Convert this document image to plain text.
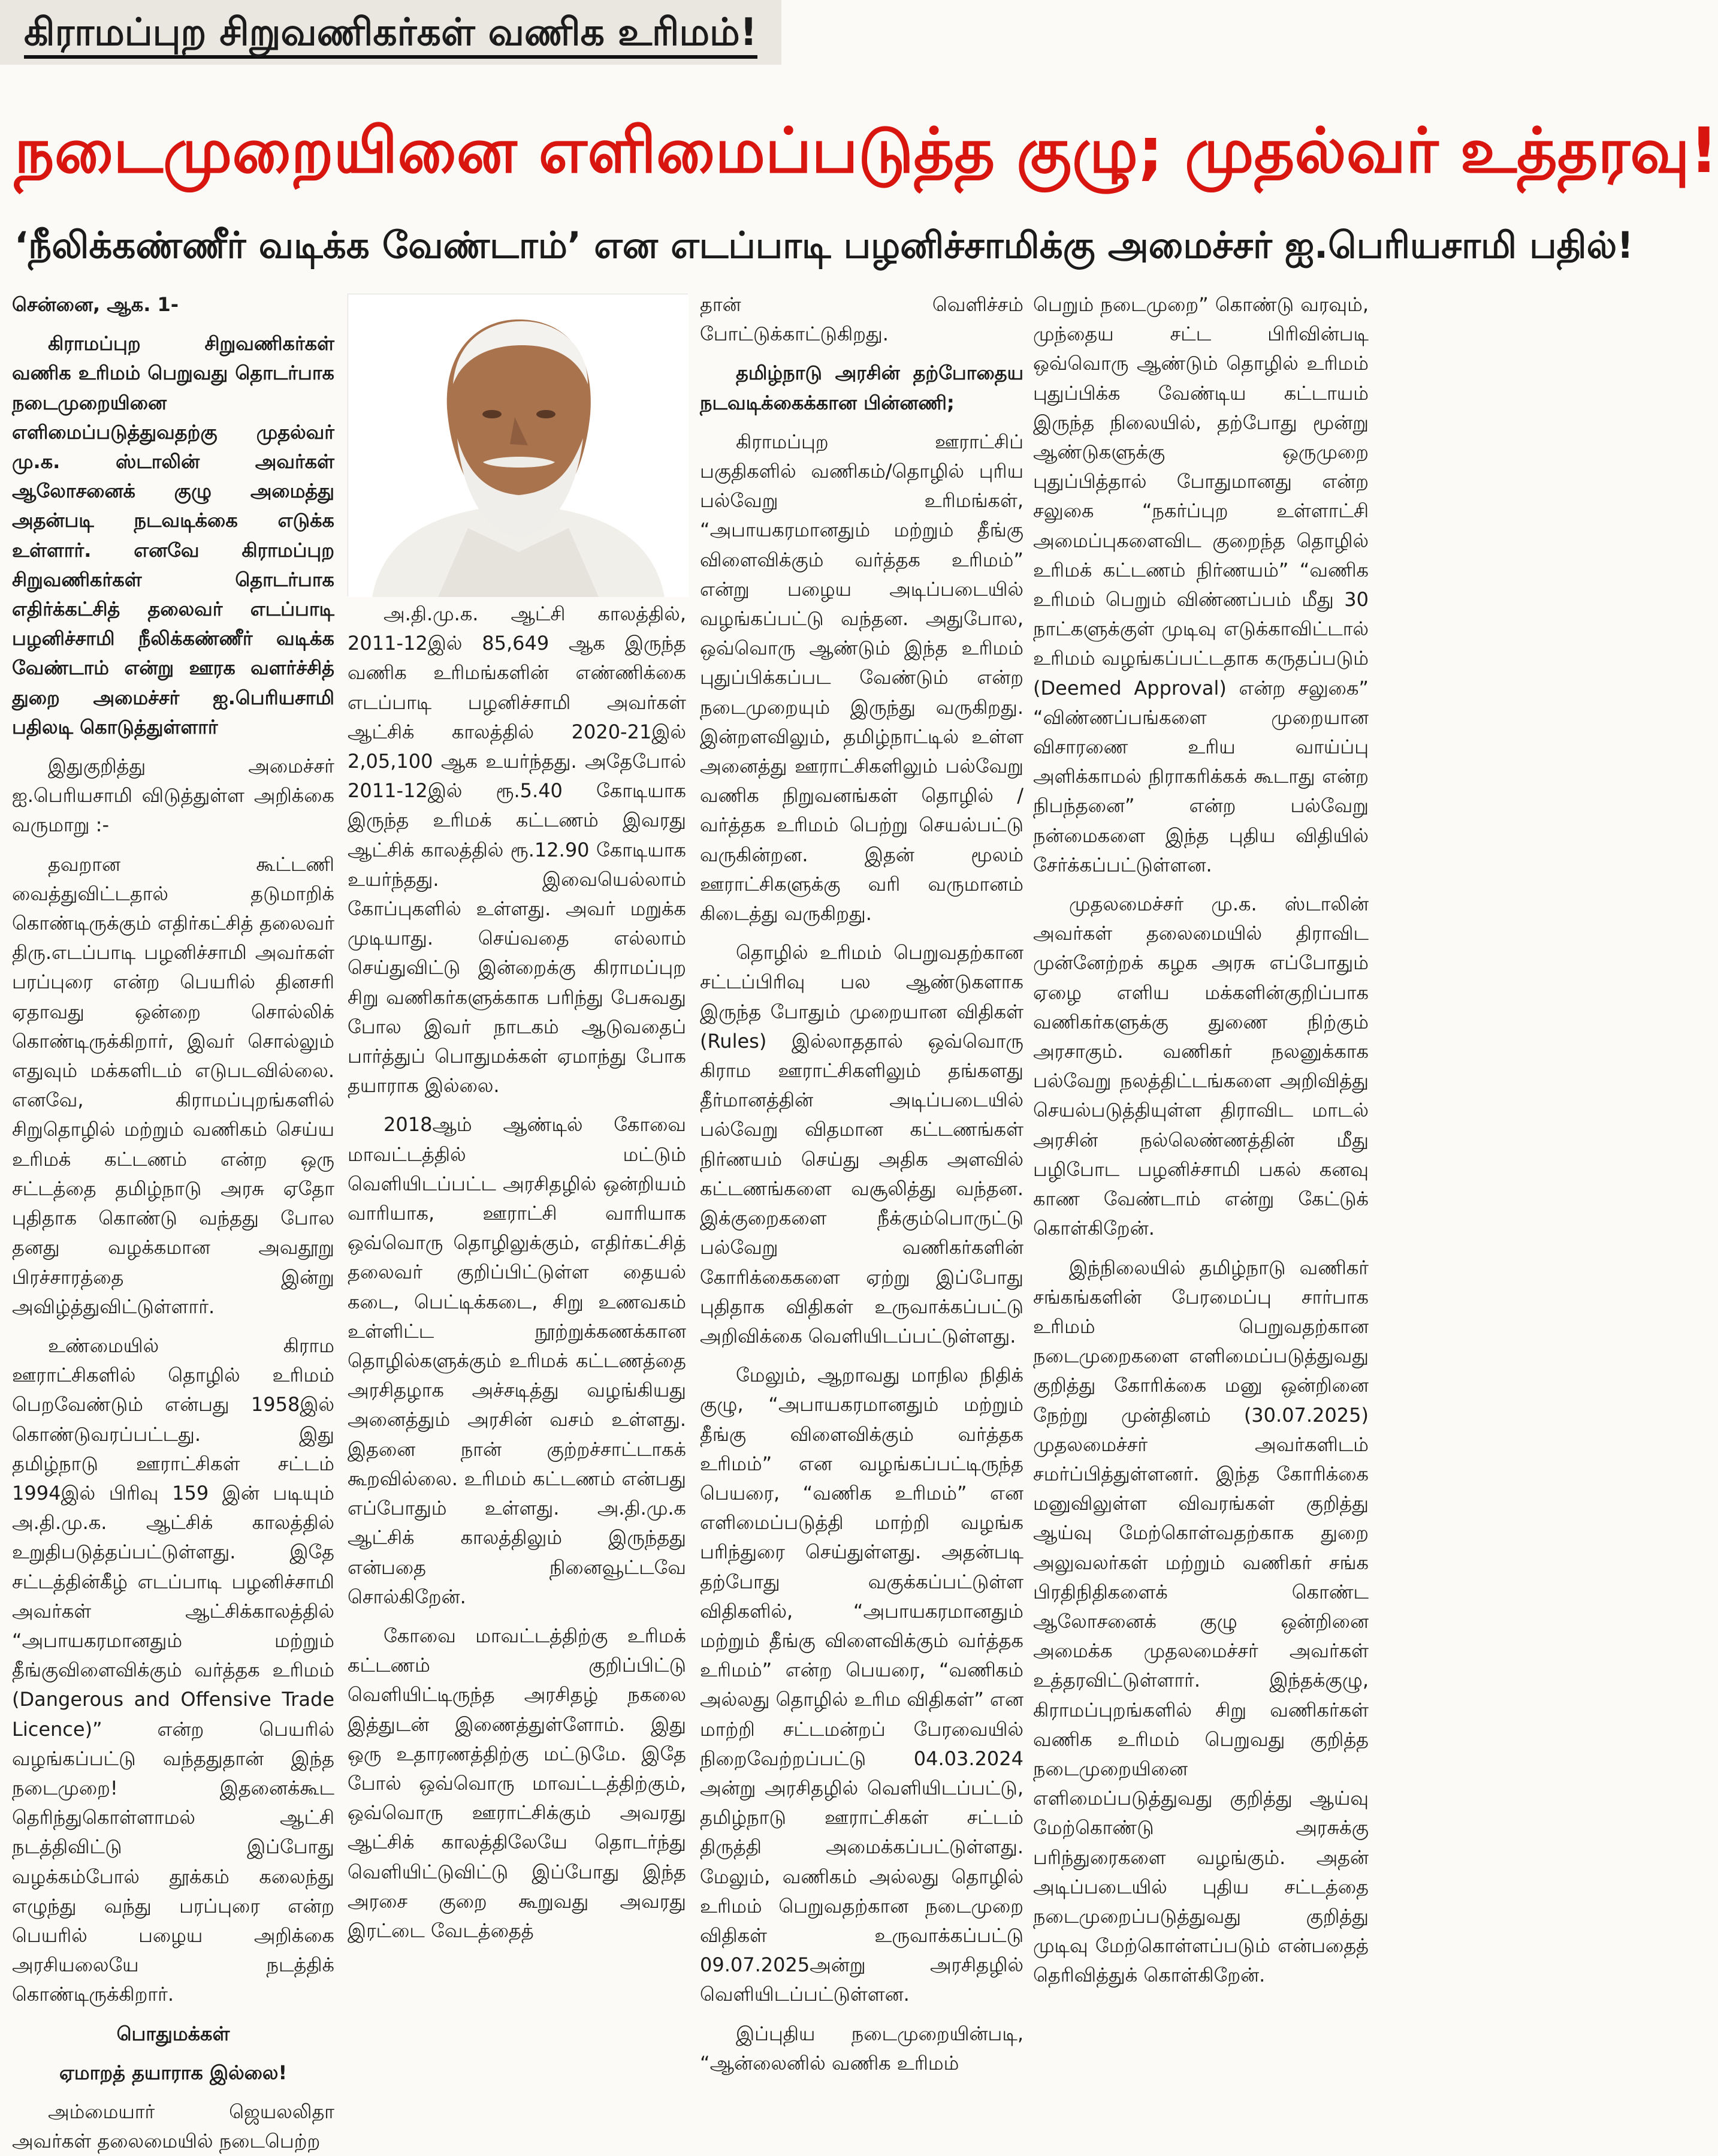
கிராமப்புற சிறுவணிகர்கள் வணிக உரிமம்!
நடைமுறையினை எளிமைப்படுத்த குழு; முதல்வர் உத்தரவு!
‘நீலிக்கண்ணீர் வடிக்க வேண்டாம்’ என எடப்பாடி பழனிச்சாமிக்கு அமைச்சர் ஐ.பெரியசாமி பதில்!

சென்னை, ஆக. 1-

கிராமப்புற சிறுவணிகர்கள் வணிக உரிமம் பெறுவது தொடர்பாக நடைமுறையினை எளிமைப்படுத்துவதற்கு முதல்வர் மு.க. ஸ்டாலின் அவர்கள் ஆலோசனைக் குழு அமைத்து அதன்படி நடவடிக்கை எடுக்க உள்ளார். எனவே கிராமப்புற சிறுவணிகர்கள் தொடர்பாக எதிர்க்கட்சித் தலைவர் எடப்பாடி பழனிச்சாமி நீலிக்கண்ணீர் வடிக்க வேண்டாம் என்று ஊரக வளர்ச்சித் துறை அமைச்சர் ஐ.பெரியசாமி பதிலடி கொடுத்துள்ளார்

இதுகுறித்து அமைச்சர் ஐ.பெரியசாமி விடுத்துள்ள அறிக்கை வருமாறு :-

தவறான கூட்டணி வைத்துவிட்டதால் தடுமாறிக் கொண்டிருக்கும் எதிர்கட்சித் தலைவர் திரு.எடப்பாடி பழனிச்சாமி அவர்கள் பரப்புரை என்ற பெயரில் தினசரி ஏதாவது ஒன்றை சொல்லிக் கொண்டிருக்கிறார், இவர் சொல்லும் எதுவும் மக்களிடம் எடுபடவில்லை. எனவே, கிராமப்புறங்களில் சிறுதொழில் மற்றும் வணிகம் செய்ய உரிமக் கட்டணம் என்ற ஒரு சட்டத்தை தமிழ்நாடு அரசு ஏதோ புதிதாக கொண்டு வந்தது போல தனது வழக்கமான அவதூறு பிரச்சாரத்தை இன்று அவிழ்த்துவிட்டுள்ளார்.

உண்மையில் கிராம ஊராட்சிகளில் தொழில் உரிமம் பெறவேண்டும் என்பது 1958இல் கொண்டுவரப்பட்டது. இது தமிழ்நாடு ஊராட்சிகள் சட்டம் 1994இல் பிரிவு 159 இன் படியும் அ.தி.மு.க. ஆட்சிக் காலத்தில் உறுதிபடுத்தப்பட்டுள்ளது. இதே சட்டத்தின்கீழ் எடப்பாடி பழனிச்சாமி அவர்கள் ஆட்சிக்காலத்தில் “அபாயகரமானதும் மற்றும் தீங்குவிளைவிக்கும் வர்த்தக உரிமம் (Dangerous and Offensive Trade Licence)” என்ற பெயரில் வழங்கப்பட்டு வந்ததுதான் இந்த நடைமுறை! இதனைக்கூட தெரிந்துகொள்ளாமல் ஆட்சி நடத்திவிட்டு இப்போது வழக்கம்போல் தூக்கம் கலைந்து எழுந்து வந்து பரப்புரை என்ற பெயரில் பழைய அறிக்கை அரசியலையே நடத்திக் கொண்டிருக்கிறார்.

பொதுமக்கள்

ஏமாறத் தயாராக இல்லை!

அம்மையார் ஜெயலலிதா அவர்கள் தலைமையில் நடைபெற்ற

அ.தி.மு.க. ஆட்சி காலத்தில், 2011-12இல் 85,649 ஆக இருந்த வணிக உரிமங்களின் எண்ணிக்கை எடப்பாடி பழனிச்சாமி அவர்கள் ஆட்சிக் காலத்தில் 2020-21இல் 2,05,100 ஆக உயர்ந்தது. அதேபோல் 2011-12இல் ரூ.5.40 கோடியாக இருந்த உரிமக் கட்டணம் இவரது ஆட்சிக் காலத்தில் ரூ.12.90 கோடியாக உயர்ந்தது. இவையெல்லாம் கோப்புகளில் உள்ளது. அவர் மறுக்க முடியாது. செய்வதை எல்லாம் செய்துவிட்டு இன்றைக்கு கிராமப்புற சிறு வணிகர்களுக்காக பரிந்து பேசுவது போல இவர் நாடகம் ஆடுவதைப் பார்த்துப் பொதுமக்கள் ஏமாந்து போக தயாராக இல்லை.

2018ஆம் ஆண்டில் கோவை மாவட்டத்தில் மட்டும் வெளியிடப்பட்ட அரசிதழில் ஒன்றியம் வாரியாக, ஊராட்சி வாரியாக ஒவ்வொரு தொழிலுக்கும், எதிர்கட்சித் தலைவர் குறிப்பிட்டுள்ள தையல் கடை, பெட்டிக்கடை, சிறு உணவகம் உள்ளிட்ட நூற்றுக்கணக்கான தொழில்களுக்கும் உரிமக் கட்டணத்தை அரசிதழாக அச்சடித்து வழங்கியது அனைத்தும் அரசின் வசம் உள்ளது. இதனை நான் குற்றச்சாட்டாகக் கூறவில்லை. உரிமம் கட்டணம் என்பது எப்போதும் உள்ளது. அ.தி.மு.க ஆட்சிக் காலத்திலும் இருந்தது என்பதை நினைவூட்டவே சொல்கிறேன்.

கோவை மாவட்டத்திற்கு உரிமக் கட்டணம் குறிப்பிட்டு வெளியிட்டிருந்த அரசிதழ் நகலை இத்துடன் இணைத்துள்ளோம். இது ஒரு உதாரணத்திற்கு மட்டுமே. இதே போல் ஒவ்வொரு மாவட்டத்திற்கும், ஒவ்வொரு ஊராட்சிக்கும் அவரது ஆட்சிக் காலத்திலேயே தொடர்ந்து வெளியிட்டுவிட்டு இப்போது இந்த அரசை குறை கூறுவது அவரது இரட்டை வேடத்தைத்

தான் வெளிச்சம் போட்டுக்காட்டுகிறது.

தமிழ்நாடு அரசின் தற்போதைய நடவடிக்கைக்கான பின்னணி;

கிராமப்புற ஊராட்சிப் பகுதிகளில் வணிகம்/தொழில் புரிய பல்வேறு உரிமங்கள், “அபாயகரமானதும் மற்றும் தீங்கு விளைவிக்கும் வர்த்தக உரிமம்” என்று பழைய அடிப்படையில் வழங்கப்பட்டு வந்தன. அதுபோல, ஒவ்வொரு ஆண்டும் இந்த உரிமம் புதுப்பிக்கப்பட வேண்டும் என்ற நடைமுறையும் இருந்து வருகிறது. இன்றளவிலும், தமிழ்நாட்டில் உள்ள அனைத்து ஊராட்சிகளிலும் பல்வேறு வணிக நிறுவனங்கள் தொழில் / வர்த்தக உரிமம் பெற்று செயல்பட்டு வருகின்றன. இதன் மூலம் ஊராட்சிகளுக்கு வரி வருமானம் கிடைத்து வருகிறது.

தொழில் உரிமம் பெறுவதற்கான சட்டப்பிரிவு பல ஆண்டுகளாக இருந்த போதும் முறையான விதிகள் (Rules) இல்லாததால் ஒவ்வொரு கிராம ஊராட்சிகளிலும் தங்களது தீர்மானத்தின் அடிப்படையில் பல்வேறு விதமான கட்டணங்கள் நிர்ணயம் செய்து அதிக அளவில் கட்டணங்களை வசூலித்து வந்தன. இக்குறைகளை நீக்கும்பொருட்டு பல்வேறு வணிகர்களின் கோரிக்கைகளை ஏற்று இப்போது புதிதாக விதிகள் உருவாக்கப்பட்டு அறிவிக்கை வெளியிடப்பட்டுள்ளது.

மேலும், ஆறாவது மாநில நிதிக் குழு, “அபாயகரமானதும் மற்றும் தீங்கு விளைவிக்கும் வர்த்தக உரிமம்” என வழங்கப்பட்டிருந்த பெயரை, “வணிக உரிமம்” என எளிமைப்படுத்தி மாற்றி வழங்க பரிந்துரை செய்துள்ளது. அதன்படி தற்போது வகுக்கப்பட்டுள்ள விதிகளில், “அபாயகரமானதும் மற்றும் தீங்கு விளைவிக்கும் வர்த்தக உரிமம்” என்ற பெயரை, “வணிகம் அல்லது தொழில் உரிம விதிகள்” என மாற்றி சட்டமன்றப் பேரவையில் நிறைவேற்றப்பட்டு 04.03.2024 அன்று அரசிதழில் வெளியிடப்பட்டு, தமிழ்நாடு ஊராட்சிகள் சட்டம் திருத்தி அமைக்கப்பட்டுள்ளது. மேலும், வணிகம் அல்லது தொழில் உரிமம் பெறுவதற்கான நடைமுறை விதிகள் உருவாக்கப்பட்டு 09.07.2025அன்று அரசிதழில் வெளியிடப்பட்டுள்ளன.

இப்புதிய நடைமுறையின்படி, “ஆன்லைனில் வணிக உரிமம்

பெறும் நடைமுறை” கொண்டு வரவும், முந்தைய சட்ட பிரிவின்படி ஒவ்வொரு ஆண்டும் தொழில் உரிமம் புதுப்பிக்க வேண்டிய கட்டாயம் இருந்த நிலையில், தற்போது மூன்று ஆண்டுகளுக்கு ஒருமுறை புதுப்பித்தால் போதுமானது என்ற சலுகை “நகர்ப்புற உள்ளாட்சி அமைப்புகளைவிட குறைந்த தொழில் உரிமக் கட்டணம் நிர்ணயம்” “வணிக உரிமம் பெறும் விண்ணப்பம் மீது 30 நாட்களுக்குள் முடிவு எடுக்காவிட்டால் உரிமம் வழங்கப்பட்டதாக கருதப்படும் (Deemed Approval) என்ற சலுகை” “விண்ணப்பங்களை முறையான விசாரணை உரிய வாய்ப்பு அளிக்காமல் நிராகரிக்கக் கூடாது என்ற நிபந்தனை” என்ற பல்வேறு நன்மைகளை இந்த புதிய விதியில் சேர்க்கப்பட்டுள்ளன.

முதலமைச்சர் மு.க. ஸ்டாலின் அவர்கள் தலைமையில் திராவிட முன்னேற்றக் கழக அரசு எப்போதும் ஏழை எளிய மக்களின்குறிப்பாக வணிகர்களுக்கு துணை நிற்கும் அரசாகும். வணிகர் நலனுக்காக பல்வேறு நலத்திட்டங்களை அறிவித்து செயல்படுத்தியுள்ள திராவிட மாடல் அரசின் நல்லெண்ணத்தின் மீது பழிபோட பழனிச்சாமி பகல் கனவு காண வேண்டாம் என்று கேட்டுக் கொள்கிறேன்.

இந்நிலையில் தமிழ்நாடு வணிகர் சங்கங்களின் பேரமைப்பு சார்பாக உரிமம் பெறுவதற்கான நடைமுறைகளை எளிமைப்படுத்துவது குறித்து கோரிக்கை மனு ஒன்றினை நேற்று முன்தினம் (30.07.2025) முதலமைச்சர் அவர்களிடம் சமர்ப்பித்துள்ளனர். இந்த கோரிக்கை மனுவிலுள்ள விவரங்கள் குறித்து ஆய்வு மேற்கொள்வதற்காக துறை அலுவலர்கள் மற்றும் வணிகர் சங்க பிரதிநிதிகளைக் கொண்ட ஆலோசனைக் குழு ஒன்றினை அமைக்க முதலமைச்சர் அவர்கள் உத்தரவிட்டுள்ளார். இந்தக்குழு, கிராமப்புறங்களில் சிறு வணிகர்கள் வணிக உரிமம் பெறுவது குறித்த நடைமுறையினை எளிமைப்படுத்துவது குறித்து ஆய்வு மேற்கொண்டு அரசுக்கு பரிந்துரைகளை வழங்கும். அதன் அடிப்படையில் புதிய சட்டத்தை நடைமுறைப்படுத்துவது குறித்து முடிவு மேற்கொள்ளப்படும் என்பதைத் தெரிவித்துக் கொள்கிறேன்.
